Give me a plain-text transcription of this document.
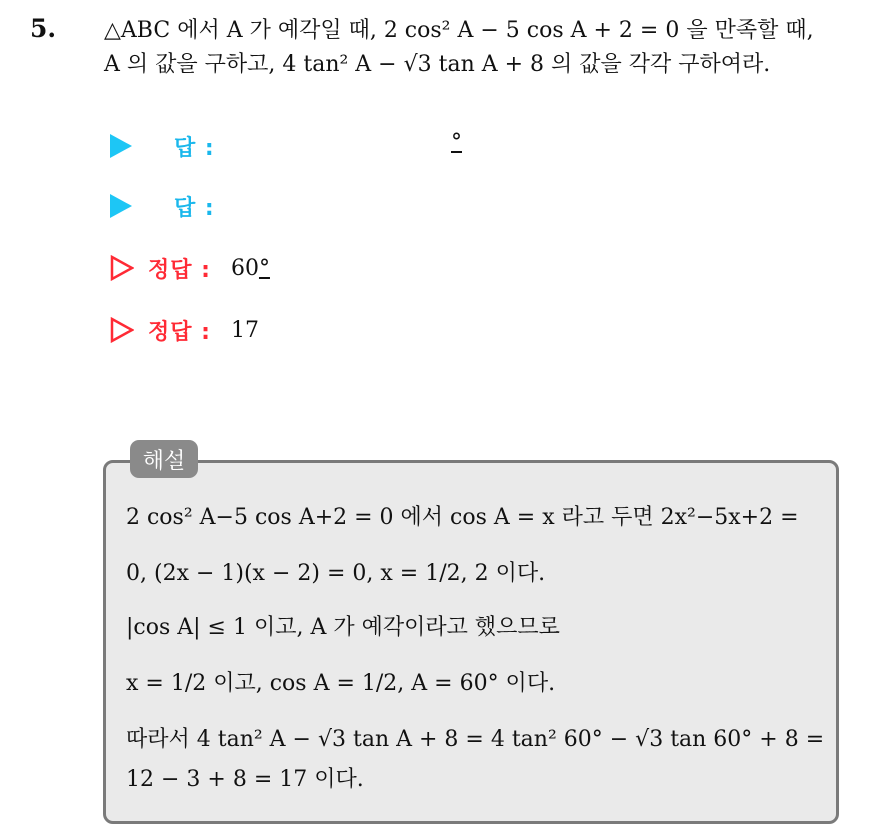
5. △ABC 에서 A 가 예각일 때, 2 cos² A − 5 cos A + 2 = 0 을 만족할 때,
A 의 값을 구하고, 4 tan² A − √3 tan A + 8 의 값을 각각 구하여라.
답 :	°
답 :
정답 : 60°
정답 : 17
해설
2 cos² A−5 cos A+2 = 0 에서 cos A = x 라고 두면 2x²−5x+2 =
0, (2x − 1)(x − 2) = 0, x = 1/2, 2 이다.
|cos A| ≤ 1 이고, A 가 예각이라고 했으므로
x = 1/2 이고, cos A = 1/2, A = 60° 이다.
따라서 4 tan² A − √3 tan A + 8 = 4 tan² 60° − √3 tan 60° + 8 =
12 − 3 + 8 = 17 이다.
